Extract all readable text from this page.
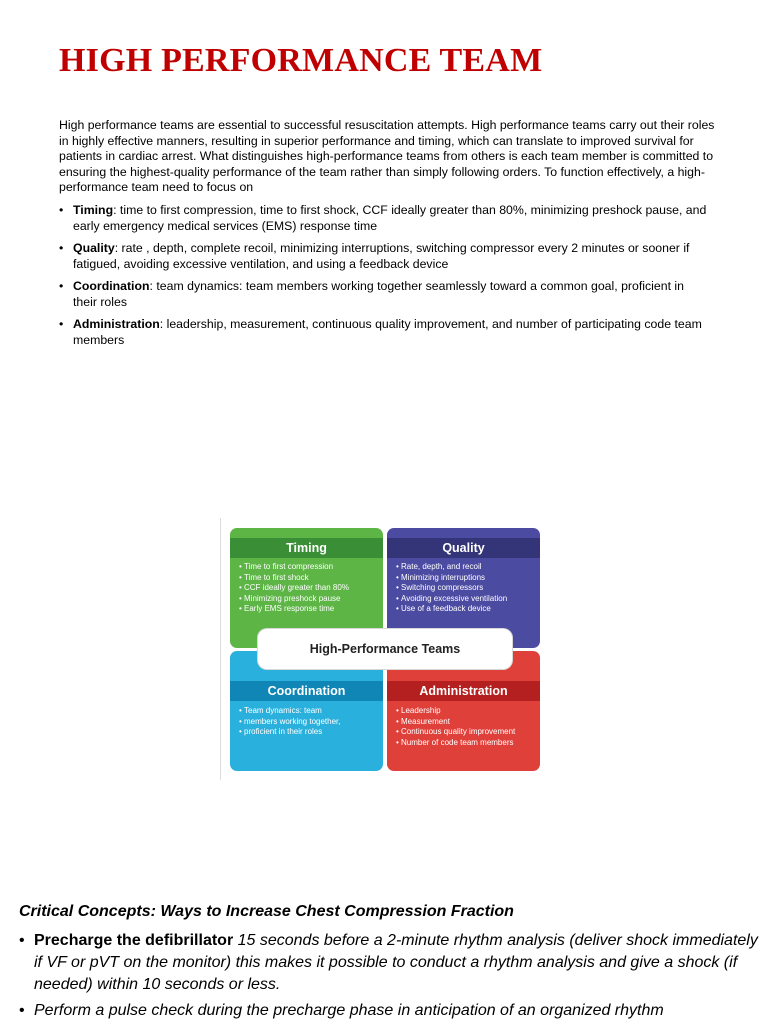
HIGH PERFORMANCE TEAM

High performance teams are essential to successful resuscitation attempts. High performance teams carry out their roles in highly effective manners, resulting in superior performance and timing, which can translate to improved survival for patients in cardiac arrest. What distinguishes high-performance teams from others is each team member is committed to ensuring the highest-quality performance of the team rather than simply following orders. To function effectively, a high-performance team need to focus on

• Timing: time to first compression, time to first shock, CCF ideally greater than 80%, minimizing preshock pause, and early emergency medical services (EMS) response time
• Quality: rate , depth, complete recoil, minimizing interruptions, switching compressor every 2 minutes or sooner if fatigued, avoiding excessive ventilation, and using a feedback device
• Coordination: team dynamics: team members working together seamlessly toward a common goal, proficient in their roles
• Administration: leadership, measurement, continuous quality improvement, and number of participating code team members
Timing
• Time to first compression
• Time to first shock
• CCF ideally greater than 80%
• Minimizing preshock pause
• Early EMS response time
Quality
• Rate, depth, and recoil
• Minimizing interruptions
• Switching compressors
• Avoiding excessive ventilation
• Use of a feedback device
Coordination
• Team dynamics: team
• members working together,
• proficient in their roles
Administration
• Leadership
• Measurement
• Continuous quality improvement
• Number of code team members
High-Performance Teams
Critical Concepts: Ways to Increase Chest Compression Fraction
• Precharge the defibrillator 15 seconds before a 2-minute rhythm analysis (deliver shock immediately if VF or pVT on the monitor) this makes it possible to conduct a rhythm analysis and give a shock (if needed) within 10 seconds or less.
• Perform a pulse check during the precharge phase in anticipation of an organized rhythm
